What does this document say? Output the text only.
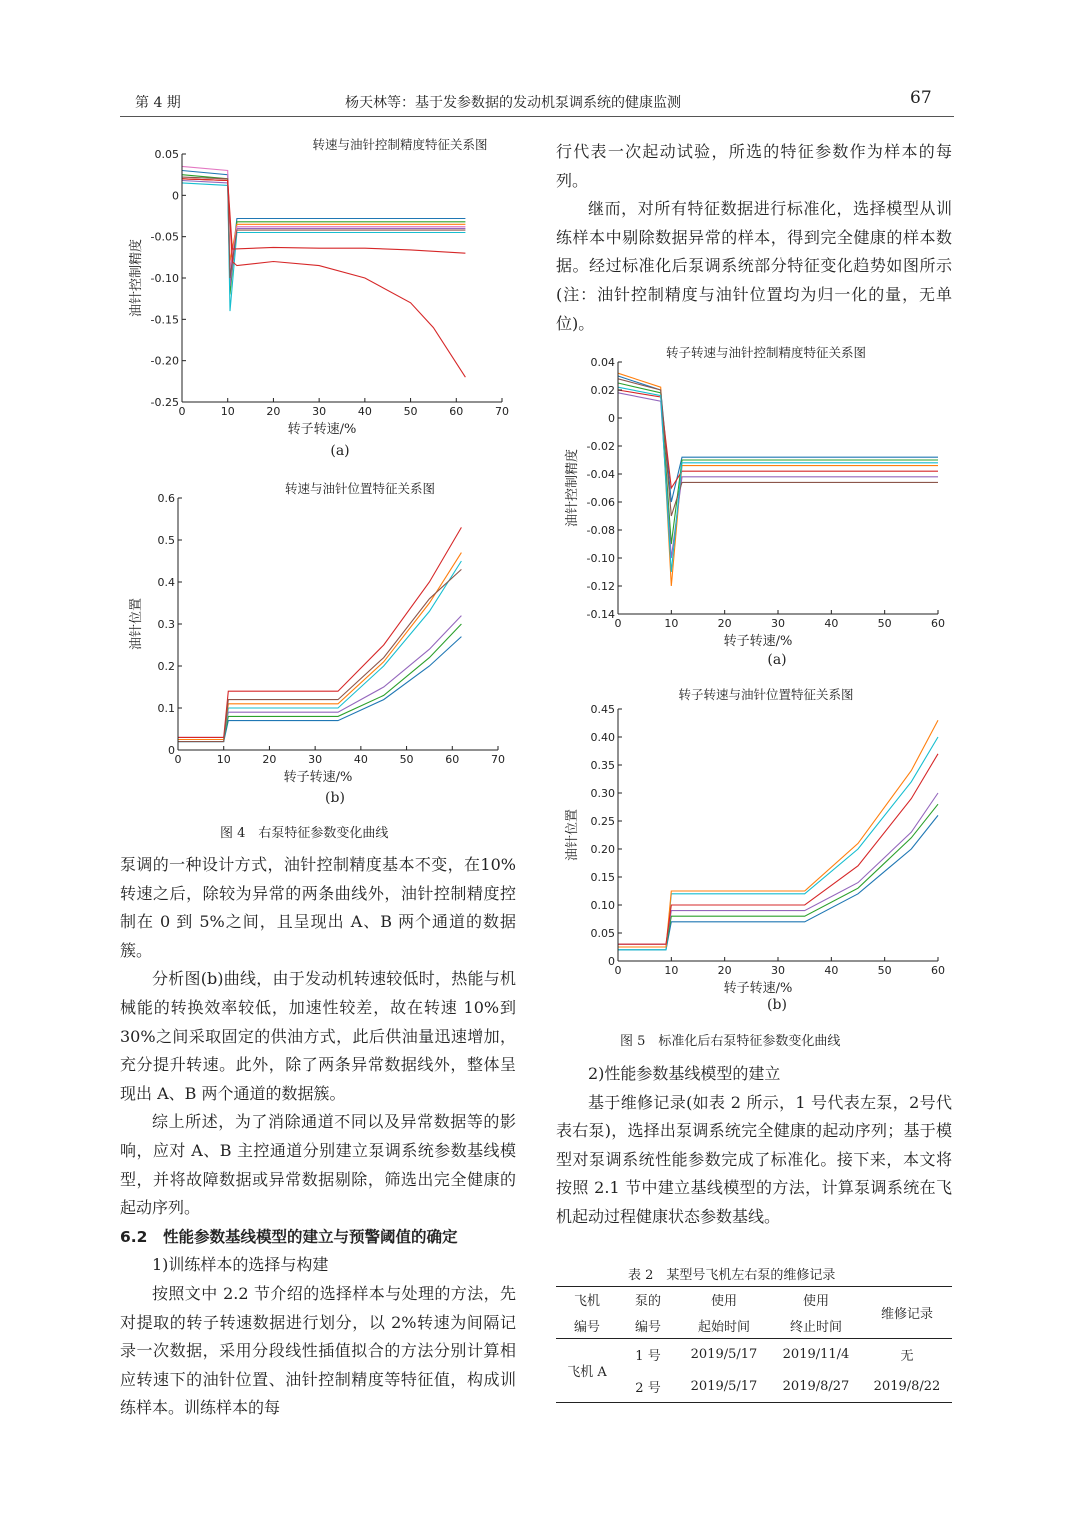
第 4 期	杨天林等：基于发参数据的发动机泵调系统的健康监测	67
转速与油针控制精度特征关系图
0	10	20	30	40	50	60	70
-0.25
-0.20
-0.15
-0.10
-0.05
0
0.05
转子转速/%
油针控制精度
(a)
转速与油针位置特征关系图
0	10	20	30	40	50	60	70
0
0.1
0.2
0.3
0.4
0.5
0.6
转子转速/%
油针位置
(b)
图 4　右泵特征参数变化曲线

泵调的一种设计方式，油针控制精度基本不变，在10%转速之后，除较为异常的两条曲线外，油针控制精度控制在 0 到 5%之间，且呈现出 A、B 两个通道的数据簇。

分析图(b)曲线，由于发动机转速较低时，热能与机械能的转换效率较低，加速性较差，故在转速 10%到 30%之间采取固定的供油方式，此后供油量迅速增加，充分提升转速。此外，除了两条异常数据线外，整体呈现出 A、B 两个通道的数据簇。

综上所述，为了消除通道不同以及异常数据等的影响，应对 A、B 主控通道分别建立泵调系统参数基线模型，并将故障数据或异常数据剔除，筛选出完全健康的起动序列。

6.2　性能参数基线模型的建立与预警阈值的确定

1)训练样本的选择与构建

按照文中 2.2 节介绍的选择样本与处理的方法，先对提取的转子转速数据进行划分，以 2%转速为间隔记录一次数据，采用分段线性插值拟合的方法分别计算相应转速下的油针位置、油针控制精度等特征值，构成训练样本。训练样本的每

行代表一次起动试验，所选的特征参数作为样本的每列。

继而，对所有特征数据进行标准化，选择模型从训练样本中剔除数据异常的样本，得到完全健康的样本数据。经过标准化后泵调系统部分特征变化趋势如图所示(注：油针控制精度与油针位置均为归一化的量，无单位)。

转子转速与油针控制精度特征关系图
0	10	20	30	40	50	60
-0.14
-0.12
-0.10
-0.08
-0.06
-0.04
-0.02
0
0.02
0.04
转子转速/%
油针控制精度
(a)
转子转速与油针位置特征关系图
0	10	20	30	40	50	60
0
0.05
0.10
0.15
0.20
0.25
0.30
0.35
0.40
0.45
转子转速/%
油针位置
(b)
图 5　标准化后右泵特征参数变化曲线

2)性能参数基线模型的建立

基于维修记录(如表 2 所示，1 号代表左泵，2号代表右泵)，选择出泵调系统完全健康的起动序列；基于模型对泵调系统性能参数完成了标准化。接下来，本文将按照 2.1 节中建立基线模型的方法，计算泵调系统在飞机起动过程健康状态参数基线。

表 2　某型号飞机左右泵的维修记录
飞机	泵的	使用	使用	维修记录
编号	编号	起始时间	终止时间	
飞机 A	1 号	2019/5/17	2019/11/4	无
	2 号	2019/5/17	2019/8/27	2019/8/22
